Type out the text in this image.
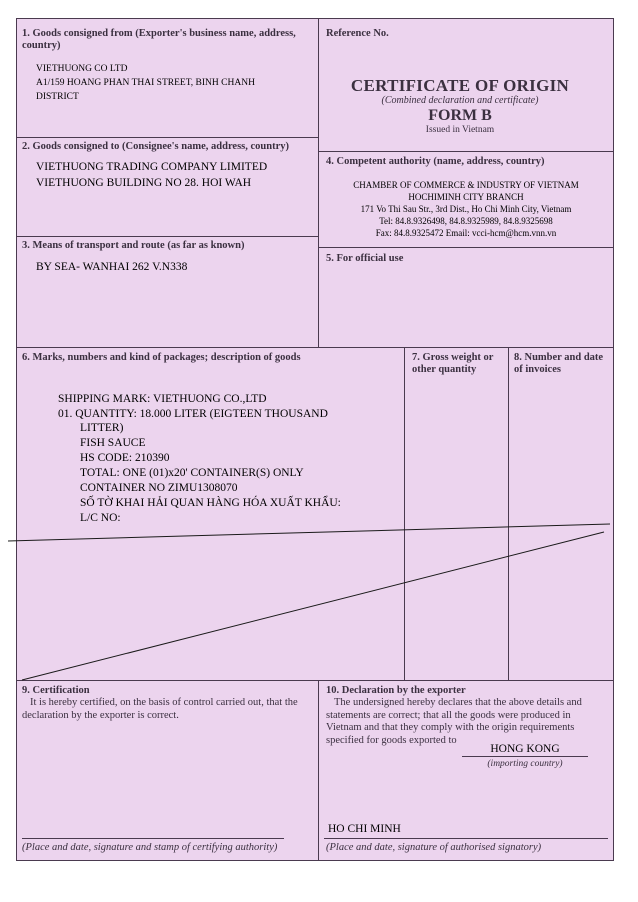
1. Goods consigned from (Exporter's business name, address, country)
VIETHUONG CO LTD
A1/159 HOANG PHAN THAI STREET, BINH CHANH
DISTRICT
Reference No.
CERTIFICATE OF ORIGIN
(Combined declaration and certificate)
FORM B
Issued in Vietnam
2. Goods consigned to (Consignee's name, address, country)
VIETHUONG TRADING COMPANY LIMITED
VIETHUONG BUILDING NO 28. HOI WAH
4. Competent authority (name, address, country)
CHAMBER OF COMMERCE & INDUSTRY OF VIETNAM
HOCHIMINH CITY BRANCH
171 Vo Thi Sau Str., 3rd Dist., Ho Chi Minh City, Vietnam
Tel: 84.8.9326498, 84.8.9325989, 84.8.9325698
Fax: 84.8.9325472 Email: vcci-hcm@hcm.vnn.vn
3. Means of transport and route (as far as known)
BY SEA- WANHAI 262 V.N338
5. For official use
6. Marks, numbers and kind of packages; description of goods
SHIPPING MARK: VIETHUONG CO.,LTD
01. QUANTITY: 18.000 LITER (EIGTEEN THOUSAND
LITTER)
FISH SAUCE
HS CODE: 210390
TOTAL: ONE (01)x20' CONTAINER(S) ONLY
CONTAINER NO ZIMU1308070
SỐ TỜ KHAI HẢI QUAN HÀNG HÓA XUẤT KHẨU:
L/C NO:
7. Gross weight or other quantity
8. Number and date of invoices
9. Certification
It is hereby certified, on the basis of control carried out, that the declaration by the exporter is correct.
(Place and date, signature and stamp of certifying authority)
10. Declaration by the exporter
The undersigned hereby declares that the above details and statements are correct; that all the goods were produced in Vietnam and that they comply with the origin requirements specified for goods exported to
HONG KONG
(importing country)
HO CHI MINH
(Place and date, signature of authorised signatory)
